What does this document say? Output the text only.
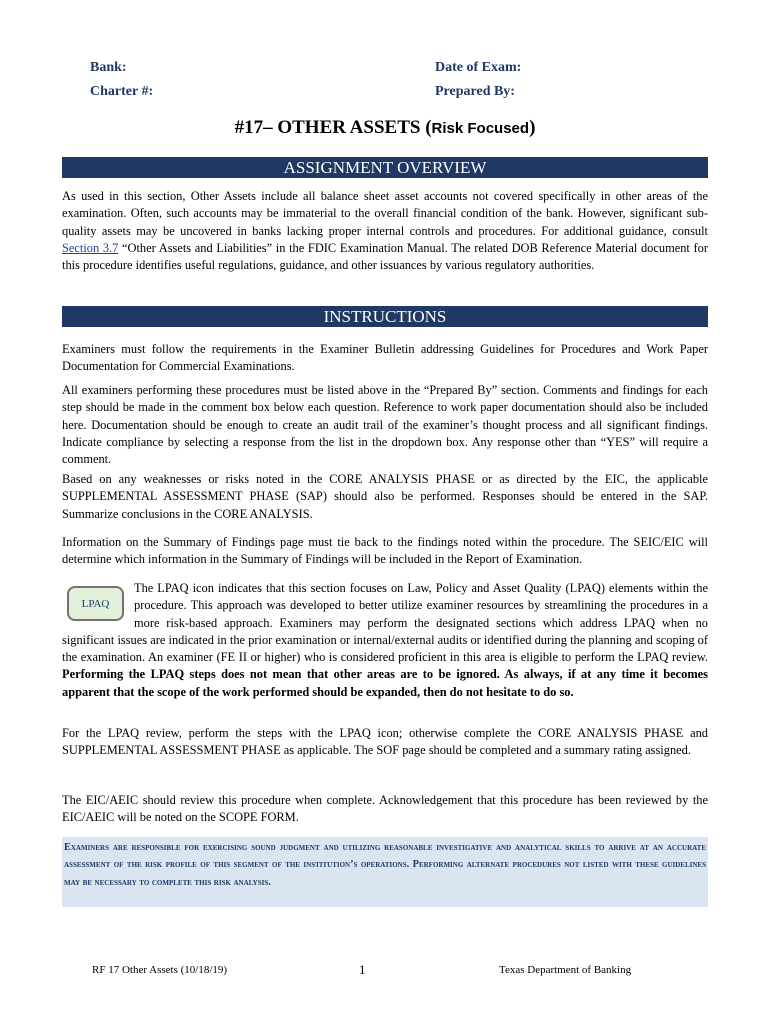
Bank:
Charter #:
Date of Exam:
Prepared By:
#17– OTHER ASSETS (Risk Focused)
ASSIGNMENT OVERVIEW

As used in this section, Other Assets include all balance sheet asset accounts not covered specifically in other areas of the examination. Often, such accounts may be immaterial to the overall financial condition of the bank. However, significant sub-quality assets may be uncovered in banks lacking proper internal controls and procedures. For additional guidance, consult Section 3.7 “Other Assets and Liabilities” in the FDIC Examination Manual. The related DOB Reference Material document for this procedure identifies useful regulations, guidance, and other issuances by various regulatory authorities.

INSTRUCTIONS

Examiners must follow the requirements in the Examiner Bulletin addressing Guidelines for Procedures and Work Paper Documentation for Commercial Examinations.

All examiners performing these procedures must be listed above in the “Prepared By” section. Comments and findings for each step should be made in the comment box below each question. Reference to work paper documentation should also be included here. Documentation should be enough to create an audit trail of the examiner’s thought process and all significant findings. Indicate compliance by selecting a response from the list in the dropdown box. Any response other than “YES” will require a comment.

Based on any weaknesses or risks noted in the CORE ANALYSIS PHASE or as directed by the EIC, the applicable SUPPLEMENTAL ASSESSMENT PHASE (SAP) should also be performed. Responses should be entered in the SAP. Summarize conclusions in the CORE ANALYSIS.

Information on the Summary of Findings page must tie back to the findings noted within the procedure. The SEIC/EIC will determine which information in the Summary of Findings will be included in the Report of Examination.

LPAQ

The LPAQ icon indicates that this section focuses on Law, Policy and Asset Quality (LPAQ) elements within the procedure. This approach was developed to better utilize examiner resources by streamlining the procedures in a more risk-based approach. Examiners may perform the designated sections which address LPAQ when no significant issues are indicated in the prior examination or internal/external audits or identified during the planning and scoping of the examination. An examiner (FE II or higher) who is considered proficient in this area is eligible to perform the LPAQ review. Performing the LPAQ steps does not mean that other areas are to be ignored. As always, if at any time it becomes apparent that the scope of the work performed should be expanded, then do not hesitate to do so.

For the LPAQ review, perform the steps with the LPAQ icon; otherwise complete the CORE ANALYSIS PHASE and SUPPLEMENTAL ASSESSMENT PHASE as applicable. The SOF page should be completed and a summary rating assigned.

The EIC/AEIC should review this procedure when complete. Acknowledgement that this procedure has been reviewed by the EIC/AEIC will be noted on the SCOPE FORM.

Examiners are responsible for exercising sound judgment and utilizing reasonable investigative and analytical skills to arrive at an accurate assessment of the risk profile of this segment of the institution’s operations. Performing alternate procedures not listed with these guidelines may be necessary to complete this risk analysis.
RF 17 Other Assets (10/18/19)	1	Texas Department of Banking
